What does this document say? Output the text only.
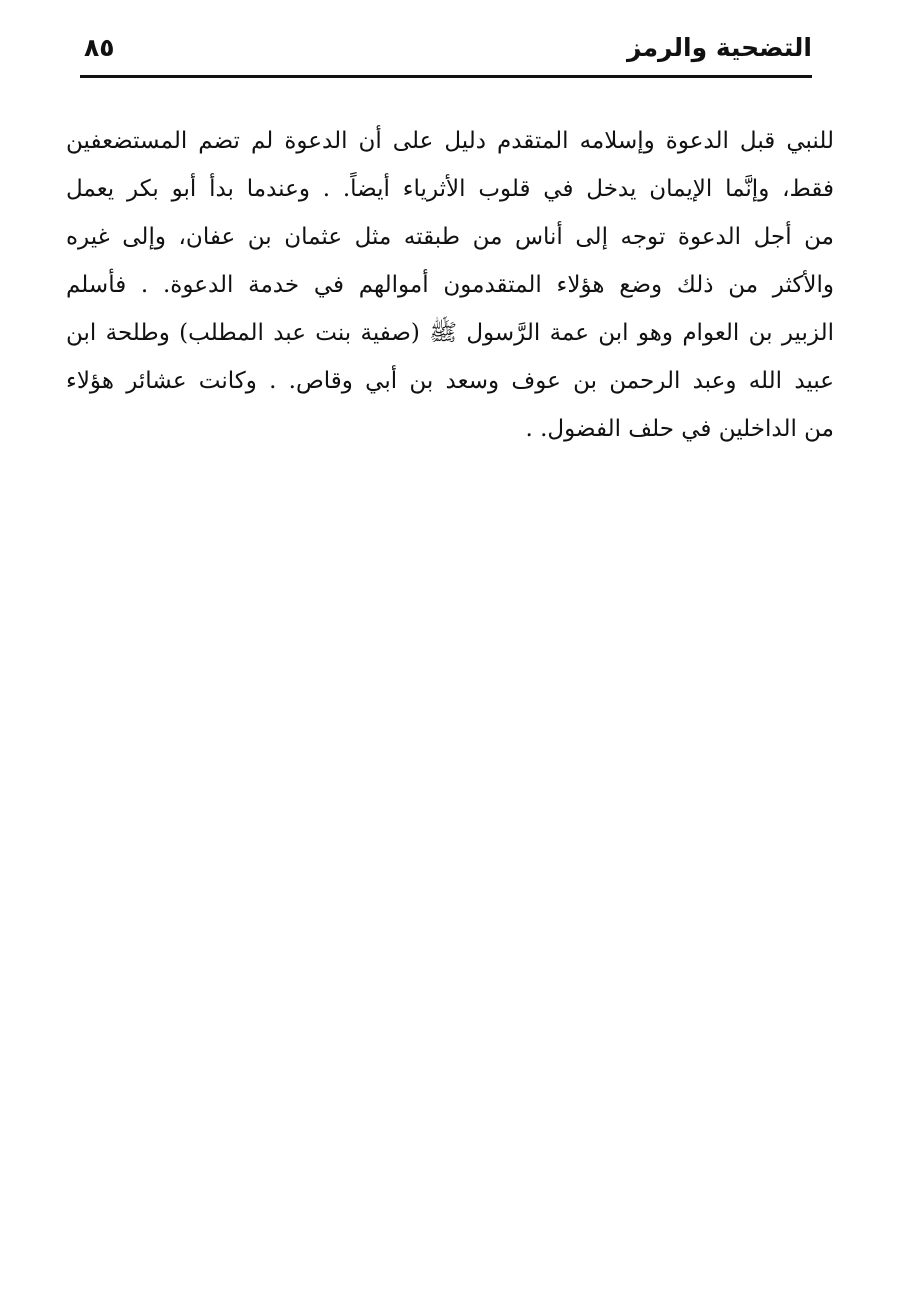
التضحية والرمز
٨٥
للنبي قبل الدعوة وإسلامه المتقدم دليل على أن الدعوة لم تضم المستضعفين
فقط، وإنَّما الإيمان يدخل في قلوب الأثرياء أيضاً. . وعندما بدأ أبو بكر يعمل
من أجل الدعوة توجه إلى أناس من طبقته مثل عثمان بن عفان، وإلى غيره
والأكثر من ذلك وضع هؤلاء المتقدمون أموالهم في خدمة الدعوة. . فأسلم
الزبير بن العوام وهو ابن عمة الرَّسول ﷺ (صفية بنت عبد المطلب) وطلحة ابن
عبيد الله وعبد الرحمن بن عوف وسعد بن أبي وقاص. . وكانت عشائر هؤلاء
من الداخلين في حلف الفضول. .
